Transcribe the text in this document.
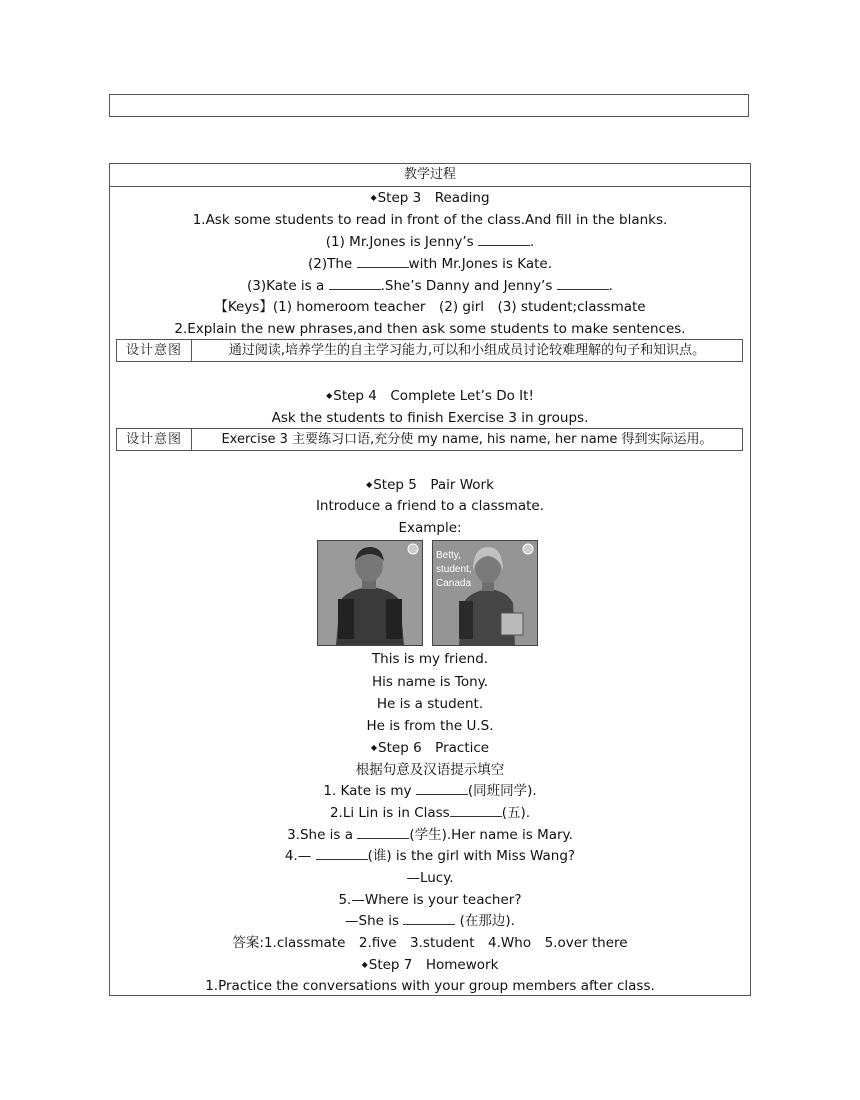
教学过程
◆Step 3　Reading
1.Ask some students to read in front of the class.And fill in the blanks.
(1) Mr.Jones is Jenny’s	.
(2)The	with Mr.Jones is Kate.
(3)Kate is a	.She’s Danny and Jenny’s	.
【Keys】(1) homeroom teacher　(2) girl　(3) student;classmate
2.Explain the new phrases,and then ask some students to make sentences.
设计意图	通过阅读,培养学生的自主学习能力,可以和小组成员讨论较难理解的句子和知识点。
◆Step 4　Complete Let’s Do It!
Ask the students to finish Exercise 3 in groups.
设计意图	Exercise 3 主要练习口语,充分使 my name, his name, her name 得到实际运用。
◆Step 5　Pair Work
Introduce a friend to a classmate.
Example:
Betty,
student,
Canada
This is my friend.
His name is Tony.
He is a student.
He is from the U.S.
◆Step 6　Practice
根据句意及汉语提示填空
1. Kate is my	(同班同学).
2.Li Lin is in Class	(五).
3.She is a	(学生).Her name is Mary.
4.—	(谁) is the girl with Miss Wang?
—Lucy.
5.—Where is your teacher?
—She is	(在那边).
答案:1.classmate　2.five　3.student　4.Who　5.over there
◆Step 7　Homework
1.Practice the conversations with your group members after class.
